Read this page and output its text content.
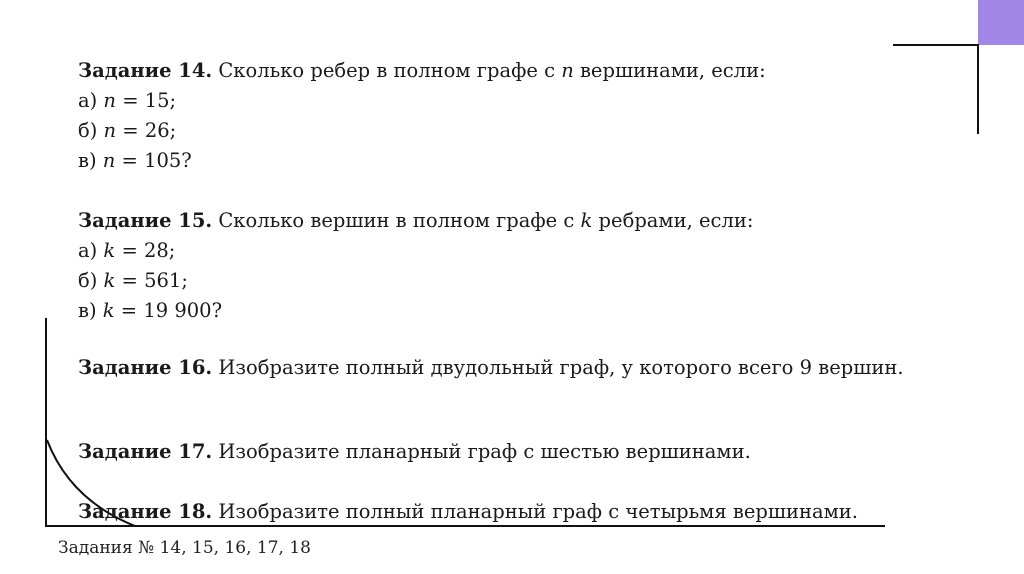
Задание 14. Сколько ребер в полном графе с 𝑛 вершинами, если:
а) 𝑛 = 15;
б) 𝑛 = 26;
в) 𝑛 = 105?
Задание 15. Сколько вершин в полном графе с 𝑘 ребрами, если:
а) 𝑘 = 28;
б) 𝑘 = 561;
в) 𝑘 = 19 900?
Задание 16. Изобразите полный двудольный граф, у которого всего 9 вершин.
Задание 17. Изобразите планарный граф с шестью вершинами.
Задание 18. Изобразите полный планарный граф с четырьмя вершинами.
Задания № 14, 15, 16, 17, 18
